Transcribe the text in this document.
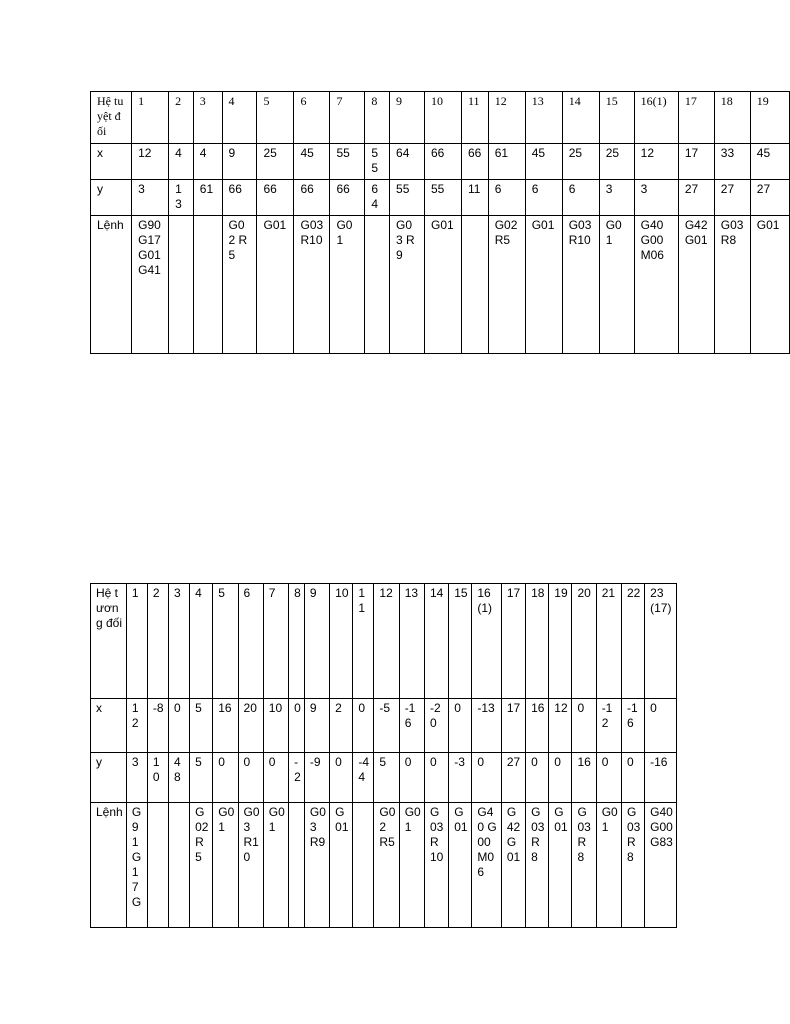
Hệ tuyệt đối	1	2	3	4	5	6	7	8	9	10	11	12	13	14	15	16(1)	17	18	19
x	12	4	4	9	25	45	55	55	64	66	66	61	45	25	25	12	17	33	45
y	3	13	61	66	66	66	66	64	55	55	11	6	6	6	3	3	27	27	27
Lệnh	G90 G17 G01 G41			G02 R5	G01	G03 R10	G01		G03 R9	G01		G02 R5	G01	G03 R10	G01	G40 G00 M06	G42 G01	G03 R8	G01
Hệ tương đối	1	2	3	4	5	6	7	8	9	10	11	12	13	14	15	16(1)	17	18	19	20	21	22	23(17)
x	12	-8	0	5	16	20	10	0	9	2	0	-5	-16	-20	0	-13	17	16	12	0	-12	-16	0
y	3	10	48	5	0	0	0	-2	-9	0	-44	5	0	0	-3	0	27	0	0	16	0	0	-16
Lệnh	G91 G17 G			G02 R5	G01	G03 R10	G01		G03 R9	G01		G02 R5	G01	G03 R10	G01	G40 G00 M06	G42 G01	G03 R8	G01	G03 R8	G01	G03 R8	G40 G00 G83
